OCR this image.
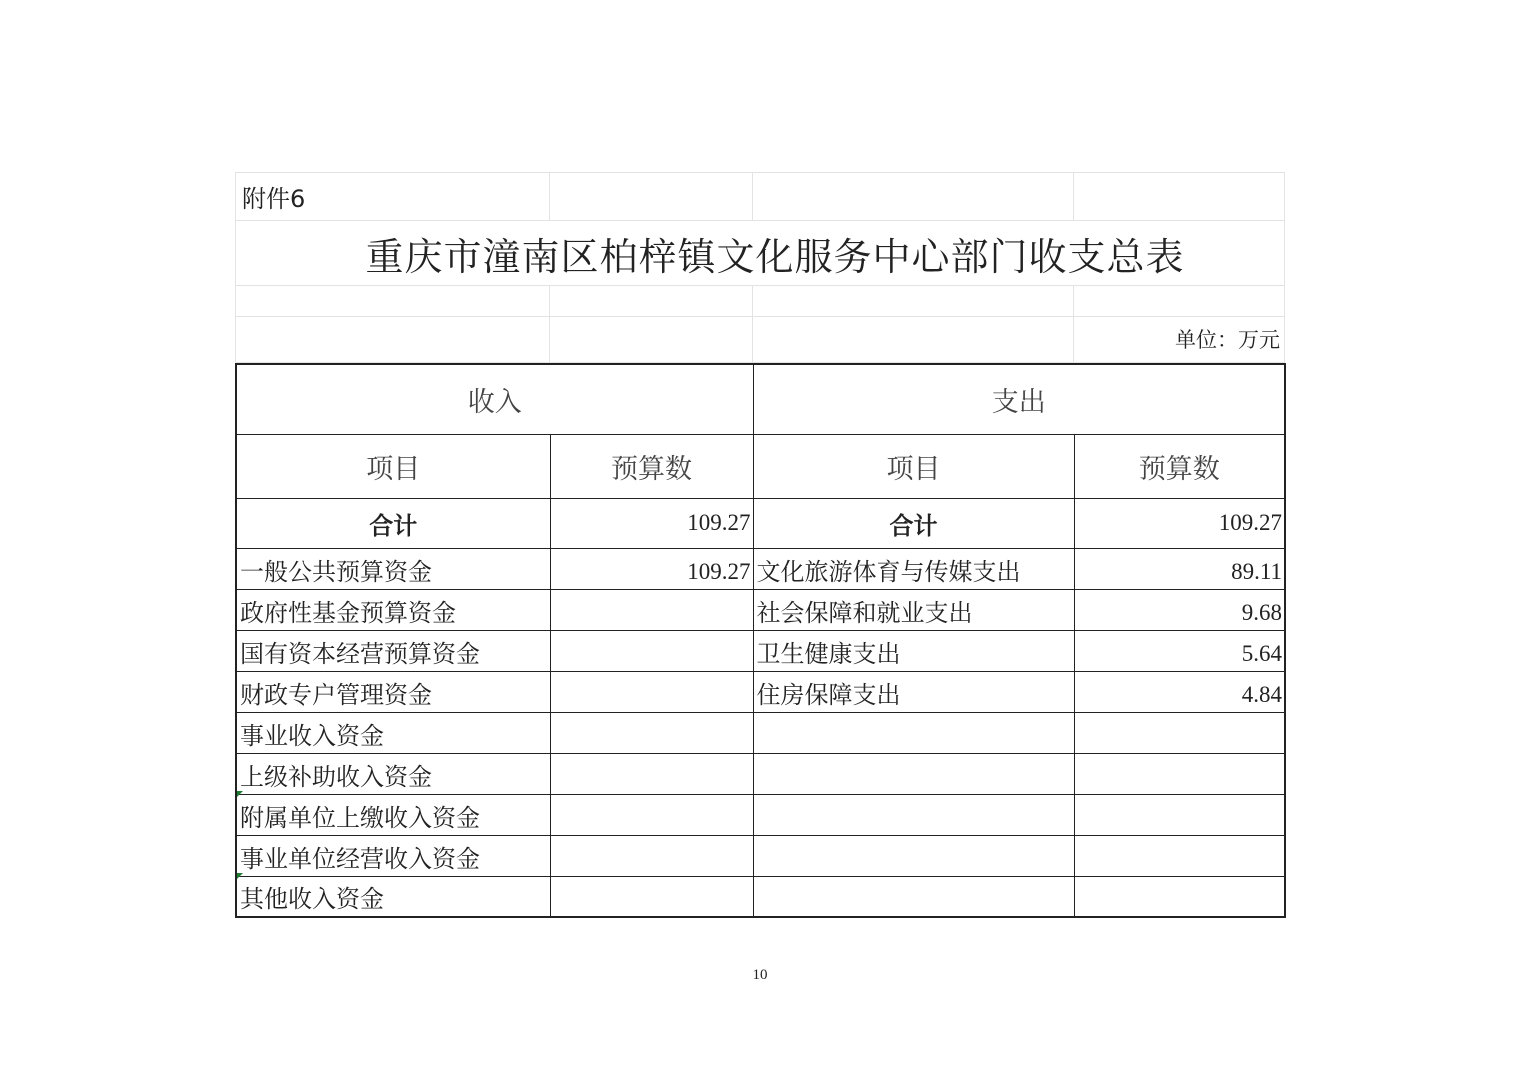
附件6			
重庆市潼南区柏梓镇文化服务中心部门收支总表			

			单位：万元
收入		支出	
项目	预算数	项目	预算数
合计	109.27	合计	109.27
一般公共预算资金	109.27	文化旅游体育与传媒支出	89.11
政府性基金预算资金		社会保障和就业支出	9.68
国有资本经营预算资金		卫生健康支出	5.64
财政专户管理资金		住房保障支出	4.84
事业收入资金			
上级补助收入资金			
附属单位上缴收入资金			
事业单位经营收入资金			
其他收入资金			
10
